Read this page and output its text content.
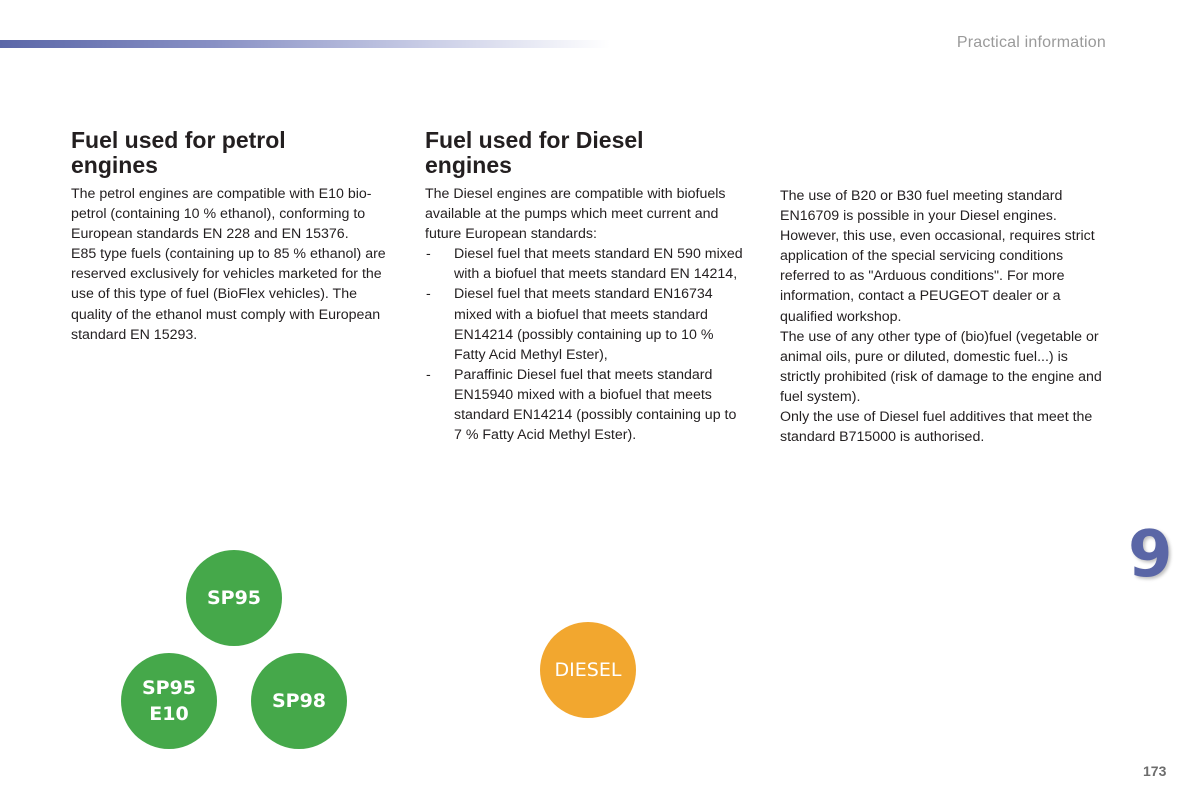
Practical information
Fuel used for petrol engines

The petrol engines are compatible with E10 bio-petrol (containing 10 % ethanol), conforming to European standards EN 228 and EN 15376.

E85 type fuels (containing up to 85 % ethanol) are reserved exclusively for vehicles marketed for the use of this type of fuel (BioFlex vehicles). The quality of the ethanol must comply with European standard EN 15293.

Fuel used for Diesel engines

The Diesel engines are compatible with biofuels available at the pumps which meet current and future European standards:

- Diesel fuel that meets standard EN 590 mixed with a biofuel that meets standard EN 14214,
- Diesel fuel that meets standard EN16734 mixed with a biofuel that meets standard EN14214 (possibly containing up to 10 % Fatty Acid Methyl Ester),
- Paraffinic Diesel fuel that meets standard EN15940 mixed with a biofuel that meets standard EN14214 (possibly containing up to 7 % Fatty Acid Methyl Ester).

The use of B20 or B30 fuel meeting standard EN16709 is possible in your Diesel engines. However, this use, even occasional, requires strict application of the special servicing conditions referred to as "Arduous conditions". For more information, contact a PEUGEOT dealer or a qualified workshop.

The use of any other type of (bio)fuel (vegetable or animal oils, pure or diluted, domestic fuel...) is strictly prohibited (risk of damage to the engine and fuel system).

Only the use of Diesel fuel additives that meet the standard B715000 is authorised.

SP95
SP95
E10
SP98
DIESEL
9
173
